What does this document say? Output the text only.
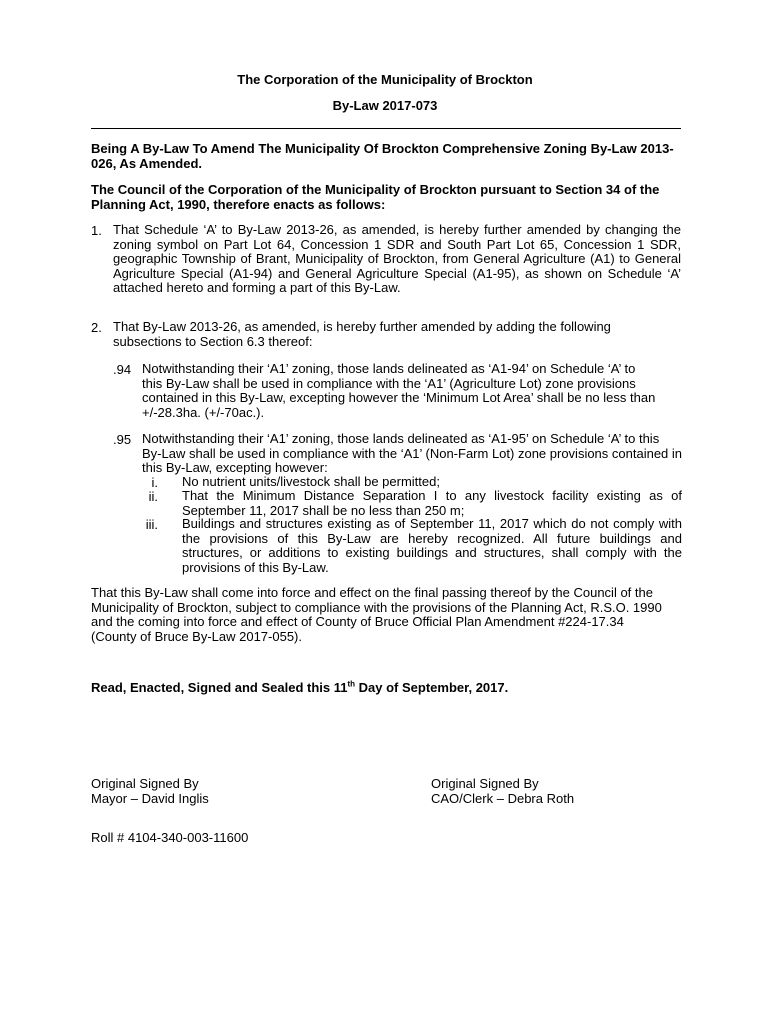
The Corporation of the Municipality of Brockton
By-Law 2017-073
Being A By-Law To Amend The Municipality Of Brockton Comprehensive Zoning By-Law 2013-026, As Amended.
The Council of the Corporation of the Municipality of Brockton pursuant to Section 34 of the Planning Act, 1990, therefore enacts as follows:
1. That Schedule ‘A’ to By-Law 2013-26, as amended, is hereby further amended by changing the zoning symbol on Part Lot 64, Concession 1 SDR and South Part Lot 65, Concession 1 SDR, geographic Township of Brant, Municipality of Brockton, from General Agriculture (A1) to General Agriculture Special (A1-94) and General Agriculture Special (A1-95), as shown on Schedule ‘A’ attached hereto and forming a part of this By-Law.
2. That By-Law 2013-26, as amended, is hereby further amended by adding the following subsections to Section 6.3 thereof:
.94 Notwithstanding their ‘A1’ zoning, those lands delineated as ‘A1-94’ on Schedule ‘A’ to this By-Law shall be used in compliance with the ‘A1’ (Agriculture Lot) zone provisions contained in this By-Law, excepting however the ‘Minimum Lot Area’ shall be no less than +/-28.3ha. (+/-70ac.).
.95 Notwithstanding their ‘A1’ zoning, those lands delineated as ‘A1-95’ on Schedule ‘A’ to this By-Law shall be used in compliance with the ‘A1’ (Non-Farm Lot) zone provisions contained in this By-Law, excepting however:
i. No nutrient units/livestock shall be permitted;
ii. That the Minimum Distance Separation I to any livestock facility existing as of September 11, 2017 shall be no less than 250 m;
iii. Buildings and structures existing as of September 11, 2017 which do not comply with the provisions of this By-Law are hereby recognized. All future buildings and structures, or additions to existing buildings and structures, shall comply with the provisions of this By-Law.
That this By-Law shall come into force and effect on the final passing thereof by the Council of the Municipality of Brockton, subject to compliance with the provisions of the Planning Act, R.S.O. 1990 and the coming into force and effect of County of Bruce Official Plan Amendment #224-17.34 (County of Bruce By-Law 2017-055).
Read, Enacted, Signed and Sealed this 11th Day of September, 2017.
Original Signed By
Mayor – David Inglis
Original Signed By
CAO/Clerk – Debra Roth
Roll # 4104-340-003-11600
